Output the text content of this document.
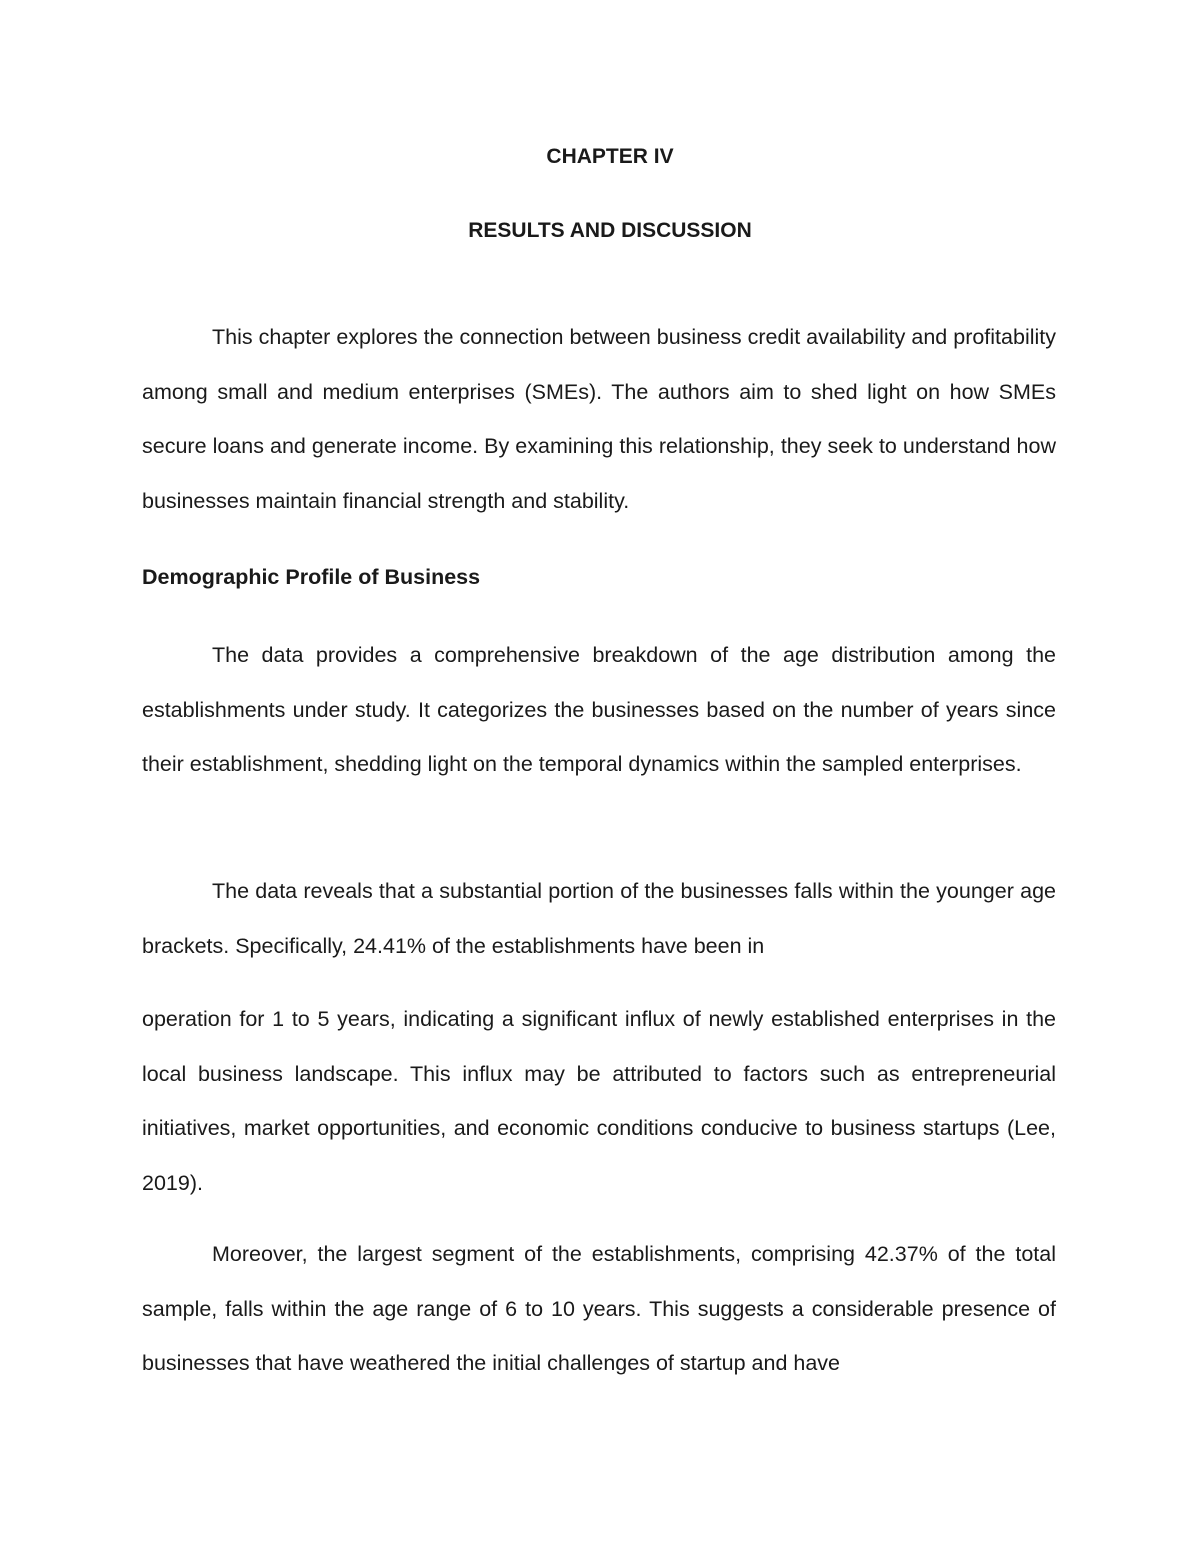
CHAPTER IV
RESULTS AND DISCUSSION

This chapter explores the connection between business credit availability and profitability among small and medium enterprises (SMEs). The authors aim to shed light on how SMEs secure loans and generate income. By examining this relationship, they seek to understand how businesses maintain financial strength and stability.

Demographic Profile of Business

The data provides a comprehensive breakdown of the age distribution among the establishments under study. It categorizes the businesses based on the number of years since their establishment, shedding light on the temporal dynamics within the sampled enterprises.

The data reveals that a substantial portion of the businesses falls within the younger age brackets. Specifically, 24.41% of the establishments have been in

operation for 1 to 5 years, indicating a significant influx of newly established enterprises in the local business landscape. This influx may be attributed to factors such as entrepreneurial initiatives, market opportunities, and economic conditions conducive to business startups (Lee, 2019).

Moreover, the largest segment of the establishments, comprising 42.37% of the total sample, falls within the age range of 6 to 10 years. This suggests a considerable presence of businesses that have weathered the initial challenges of startup and have
